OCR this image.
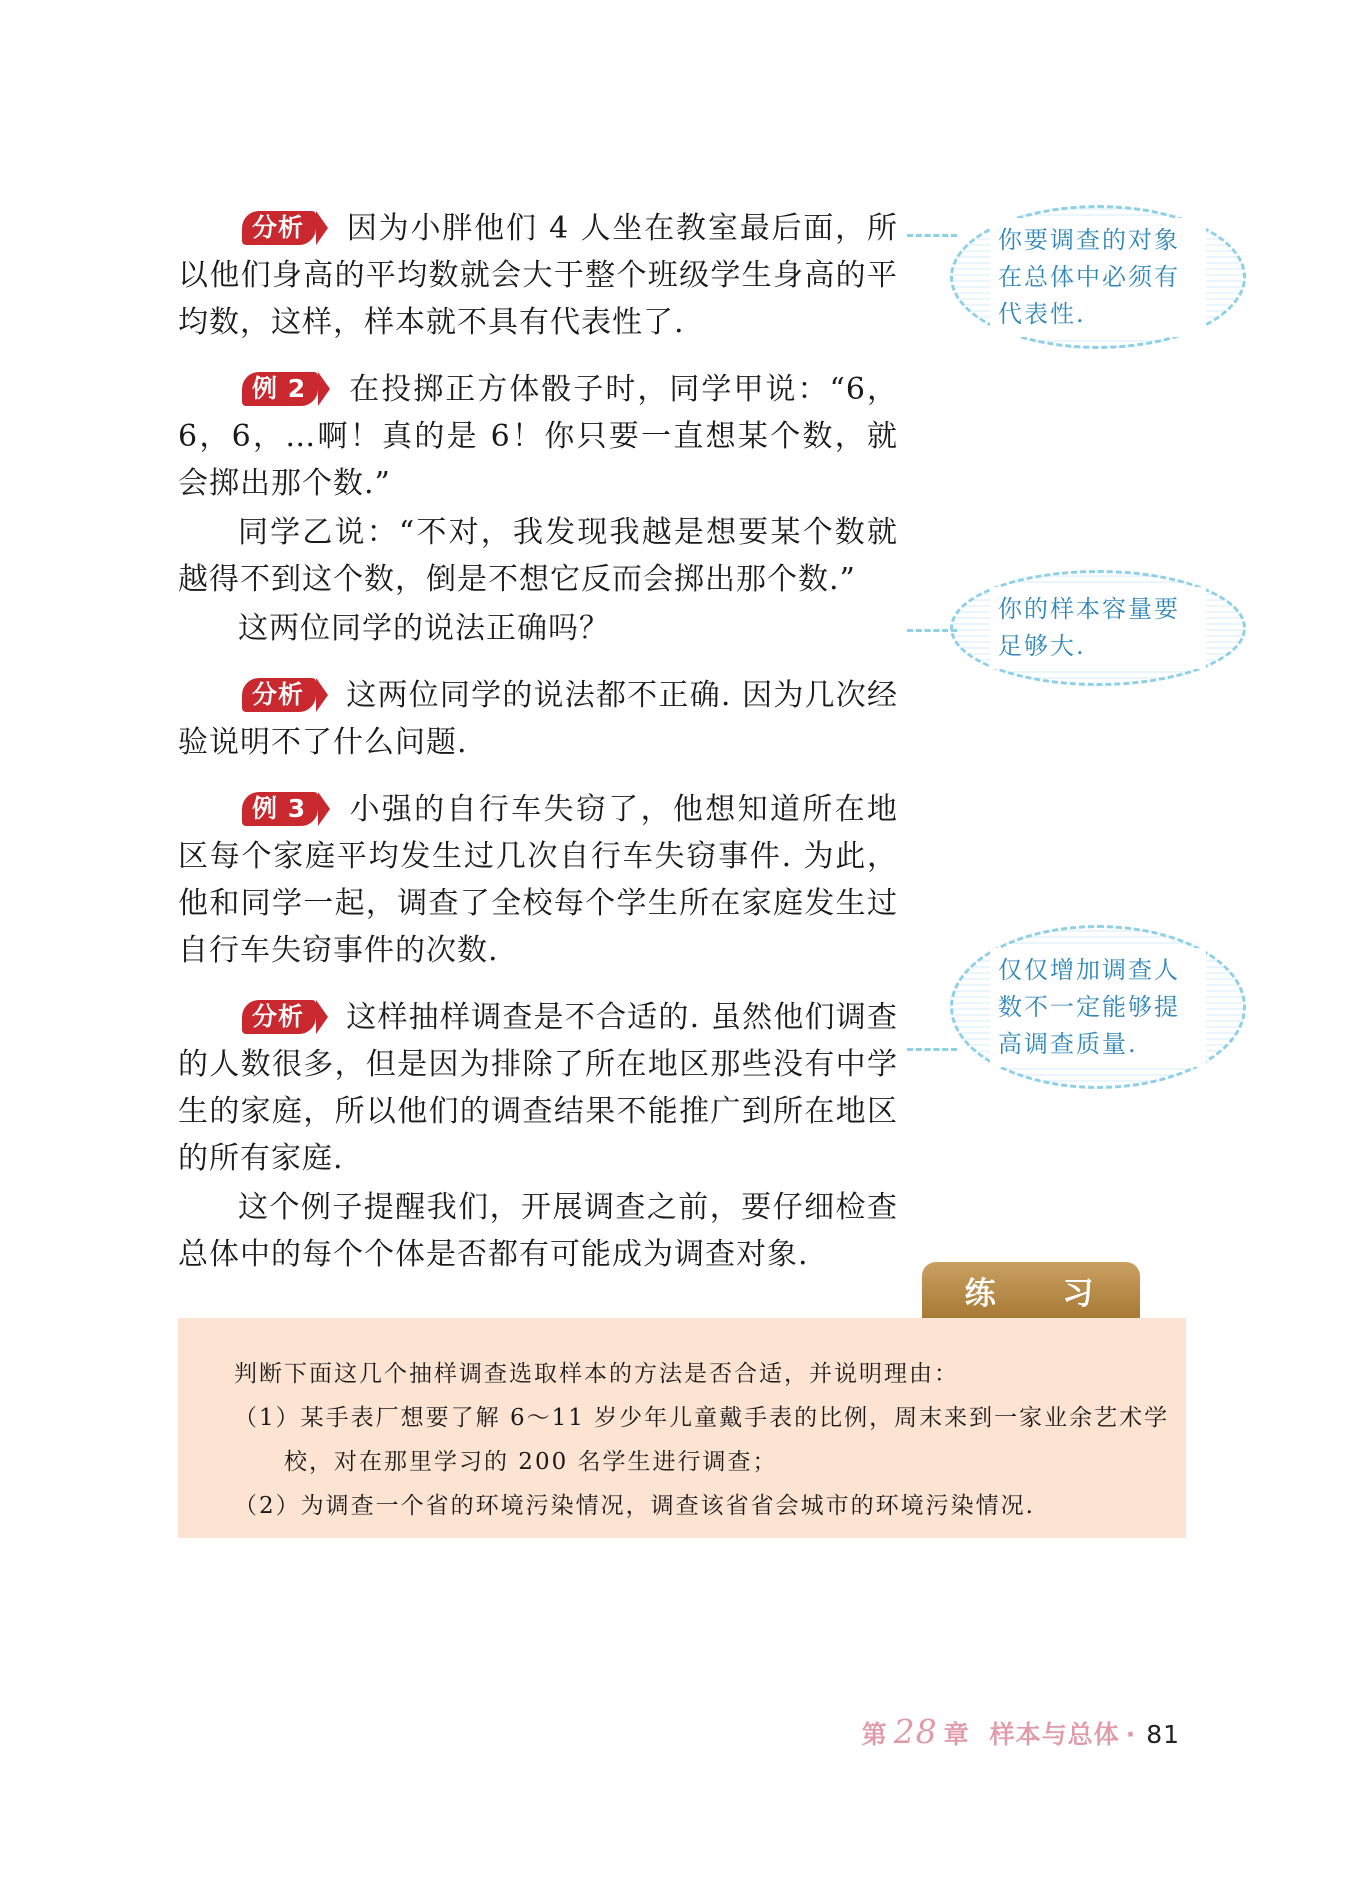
分析 因为小胖他们 4 人坐在教室最后面，所以他们身高的平均数就会大于整个班级学生身高的平均数，这样，样本就不具有代表性了.

例 2 在投掷正方体骰子时，同学甲说：“6，6，6，…啊！真的是 6！你只要一直想某个数，就会掷出那个数.”

同学乙说：“不对，我发现我越是想要某个数就越得不到这个数，倒是不想它反而会掷出那个数.”

这两位同学的说法正确吗？

分析 这两位同学的说法都不正确. 因为几次经验说明不了什么问题.

例 3 小强的自行车失窃了，他想知道所在地区每个家庭平均发生过几次自行车失窃事件. 为此，他和同学一起，调查了全校每个学生所在家庭发生过自行车失窃事件的次数.

分析 这样抽样调查是不合适的. 虽然他们调查的人数很多，但是因为排除了所在地区那些没有中学生的家庭，所以他们的调查结果不能推广到所在地区的所有家庭.

这个例子提醒我们，开展调查之前，要仔细检查总体中的每个个体是否都有可能成为调查对象.

你要调查的对象在总体中必须有代表性.
你的样本容量要足够大.
仅仅增加调查人数不一定能够提高调查质量.
练 习
判断下面这几个抽样调查选取样本的方法是否合适，并说明理由：
（1）某手表厂想要了解 6～11 岁少年儿童戴手表的比例，周末来到一家业余艺术学
校，对在那里学习的 200 名学生进行调查；
（2）为调查一个省的环境污染情况，调查该省省会城市的环境污染情况.
第 28 章 样本与总体 · 81
